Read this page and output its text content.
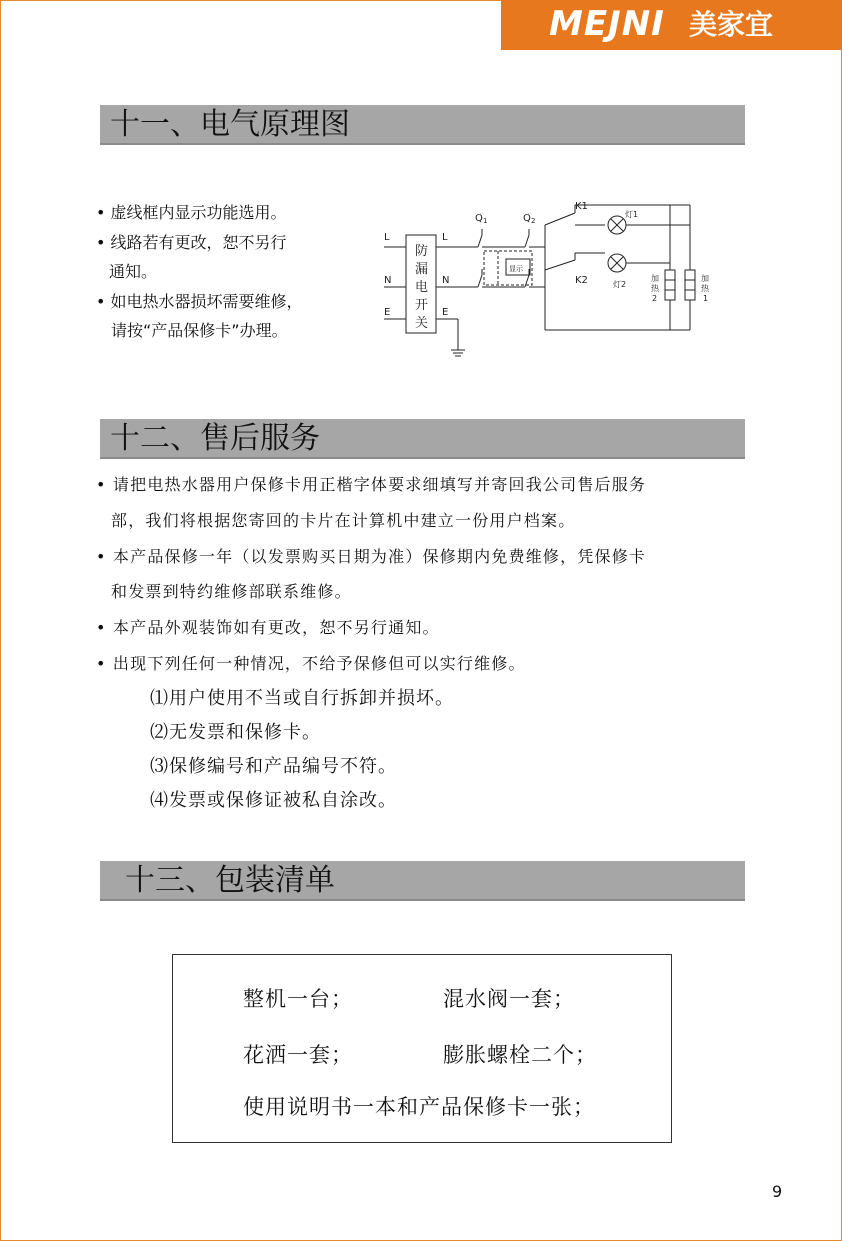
MEJNI 美家宜
十一、电气原理图
• 虚线框内显示功能选用。
• 线路若有更改，恕不另行
通知。
• 如电热水器损坏需要维修，
请按“产品保修卡”办理。
L
N
E
L
N
E
防
漏
电
开
关
Q 1	Q 2
K1
K2
显示
灯1
灯2
加
热
2
加
热
1
十二、售后服务
• 请把电热水器用户保修卡用正楷字体要求细填写并寄回我公司售后服务
部，我们将根据您寄回的卡片在计算机中建立一份用户档案。
• 本产品保修一年（以发票购买日期为准）保修期内免费维修，凭保修卡
和发票到特约维修部联系维修。
• 本产品外观装饰如有更改，恕不另行通知。
• 出现下列任何一种情况，不给予保修但可以实行维修。
⑴用户使用不当或自行拆卸并损坏。
⑵无发票和保修卡。
⑶保修编号和产品编号不符。
⑷发票或保修证被私自涂改。
十三、包装清单
整机一台；	混水阀一套；
花洒一套；	膨胀螺栓二个；
使用说明书一本和产品保修卡一张；
9
